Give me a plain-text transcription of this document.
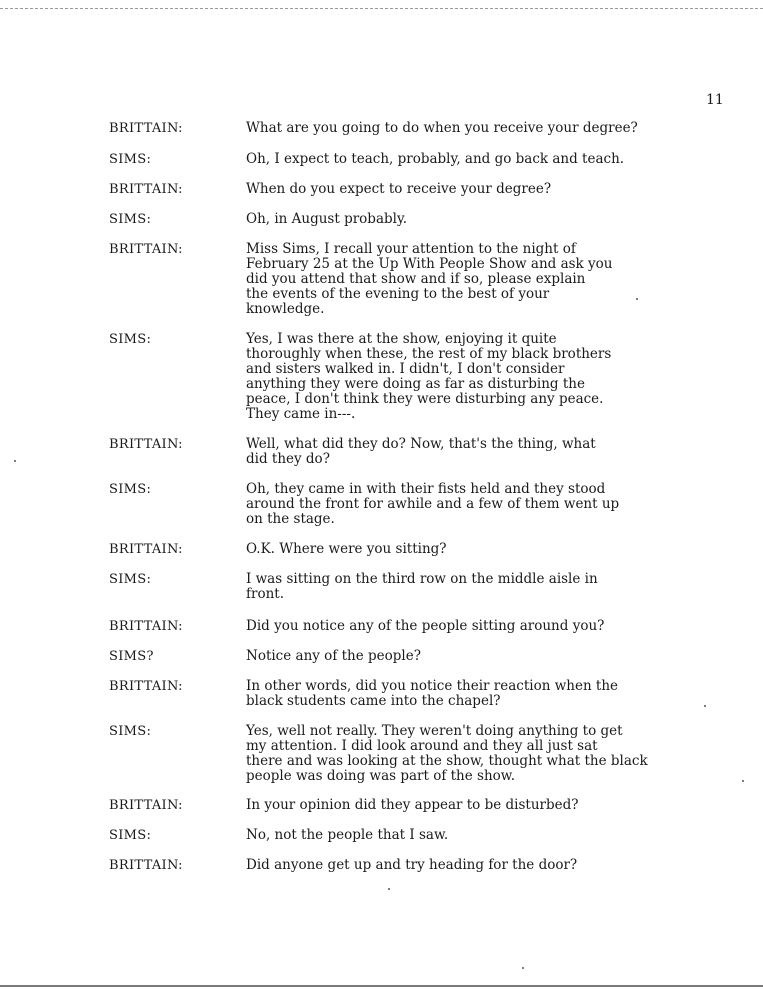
11
BRITTAIN:	What are you going to do when you receive your degree?
SIMS:	Oh, I expect to teach, probably, and go back and teach.
BRITTAIN:	When do you expect to receive your degree?
SIMS:	Oh, in August probably.
BRITTAIN:	Miss Sims, I recall your attention to the night of
February 25 at the Up With People Show and ask you
did you attend that show and if so, please explain
the events of the evening to the best of your
knowledge.
SIMS:	Yes, I was there at the show, enjoying it quite
thoroughly when these, the rest of my black brothers
and sisters walked in. I didn't, I don't consider
anything they were doing as far as disturbing the
peace, I don't think they were disturbing any peace.
They came in---.
BRITTAIN:	Well, what did they do? Now, that's the thing, what
did they do?
SIMS:	Oh, they came in with their fists held and they stood
around the front for awhile and a few of them went up
on the stage.
BRITTAIN:	O.K. Where were you sitting?
SIMS:	I was sitting on the third row on the middle aisle in
front.
BRITTAIN:	Did you notice any of the people sitting around you?
SIMS?	Notice any of the people?
BRITTAIN:	In other words, did you notice their reaction when the
black students came into the chapel?
SIMS:	Yes, well not really. They weren't doing anything to get
my attention. I did look around and they all just sat
there and was looking at the show, thought what the black
people was doing was part of the show.
BRITTAIN:	In your opinion did they appear to be disturbed?
SIMS:	No, not the people that I saw.
BRITTAIN:	Did anyone get up and try heading for the door?
